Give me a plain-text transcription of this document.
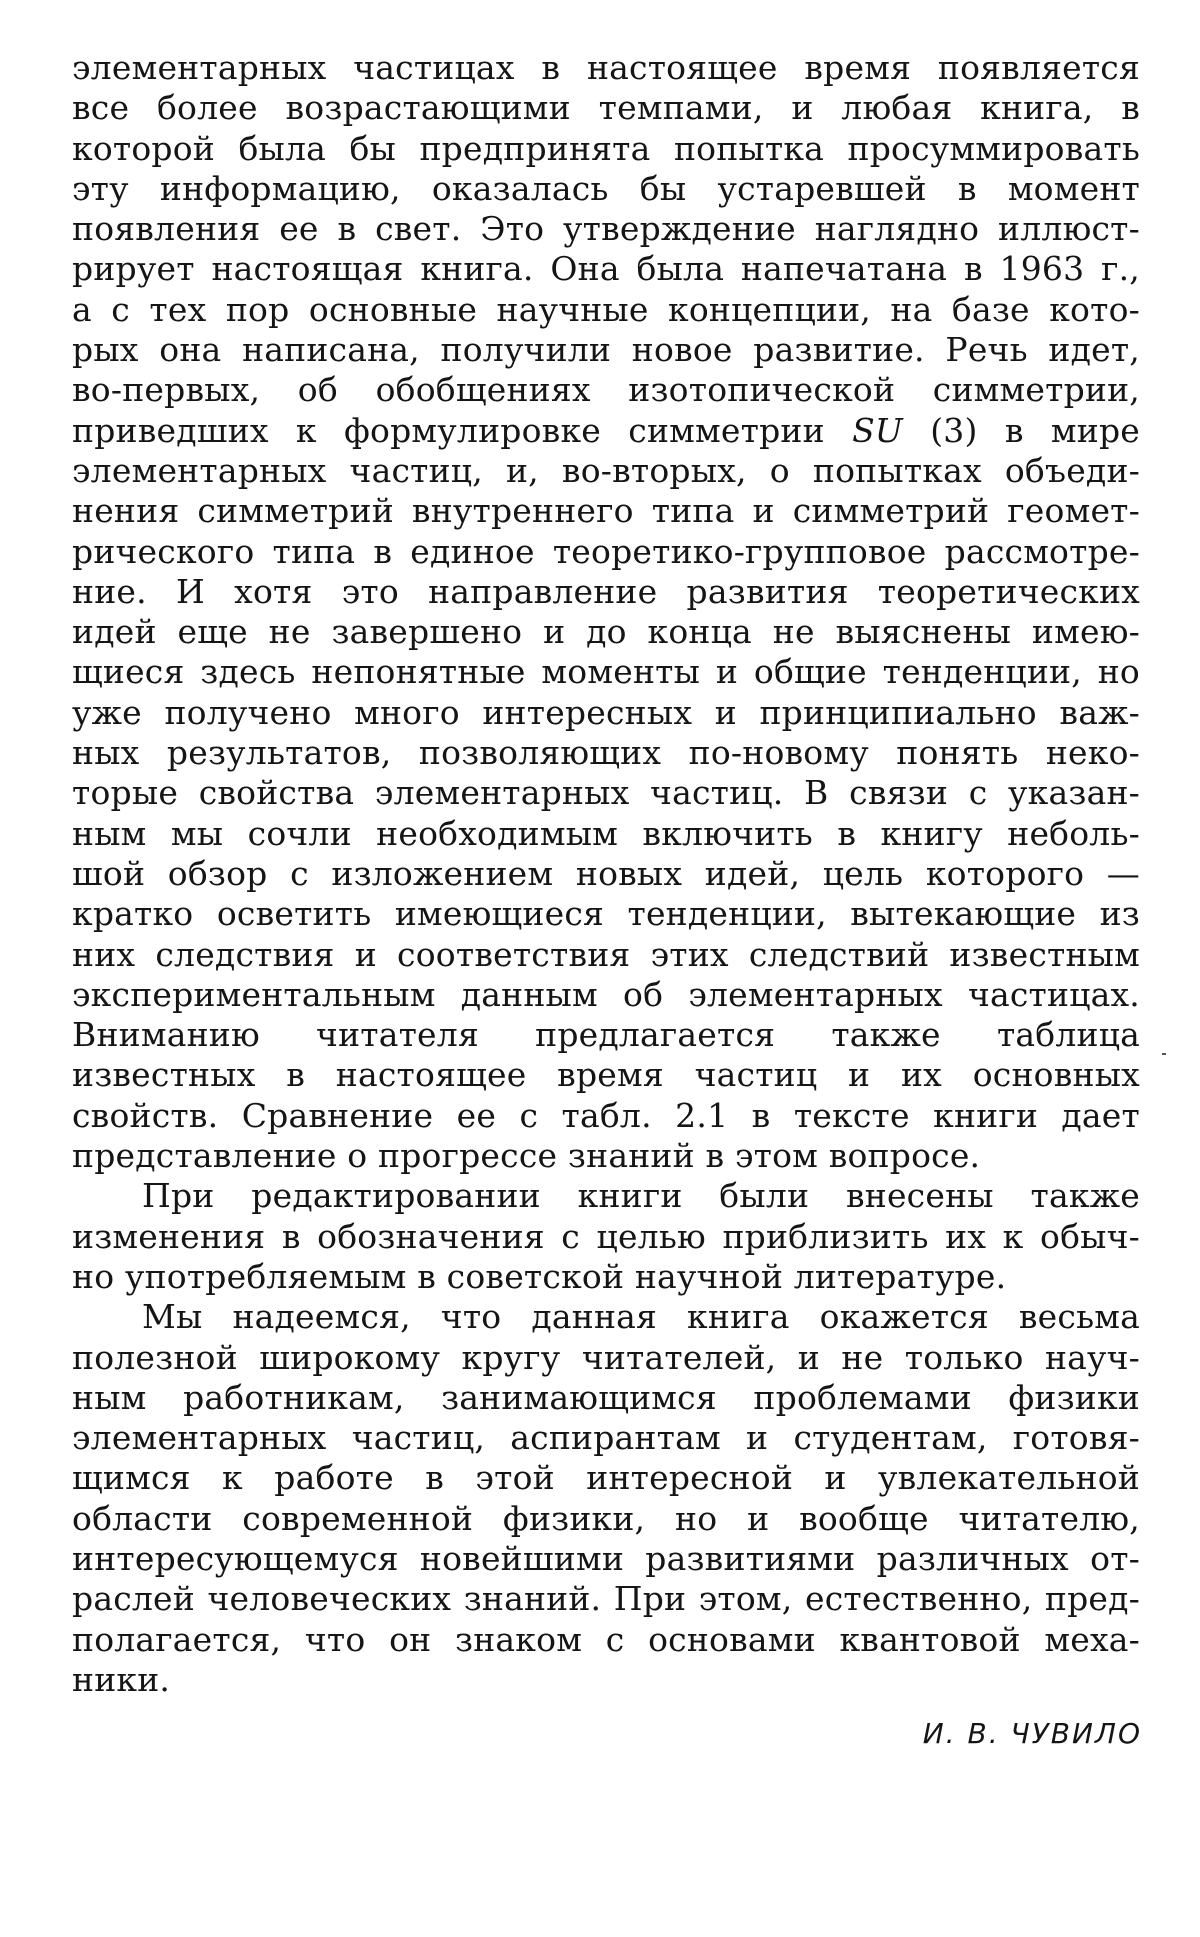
элементарных частицах в настоящее время появляется
все более возрастающими темпами, и любая книга, в
которой была бы предпринята попытка просуммировать
эту информацию, оказалась бы устаревшей в момент
появления ее в свет. Это утверждение наглядно иллюст-
рирует настоящая книга. Она была напечатана в 1963 г.,
а с тех пор основные научные концепции, на базе кото-
рых она написана, получили новое развитие. Речь идет,
во-первых, об обобщениях изотопической симметрии,
приведших к формулировке симметрии SU (3) в мире
элементарных частиц, и, во-вторых, о попытках объеди-
нения симметрий внутреннего типа и симметрий геомет-
рического типа в единое теоретико-групповое рассмотре-
ние. И хотя это направление развития теоретических
идей еще не завершено и до конца не выяснены имею-
щиеся здесь непонятные моменты и общие тенденции, но
уже получено много интересных и принципиально важ-
ных результатов, позволяющих по-новому понять неко-
торые свойства элементарных частиц. В связи с указан-
ным мы сочли необходимым включить в книгу неболь-
шой обзор с изложением новых идей, цель которого —
кратко осветить имеющиеся тенденции, вытекающие из
них следствия и соответствия этих следствий известным
экспериментальным данным об элементарных частицах.
Вниманию читателя предлагается также таблица
известных в настоящее время частиц и их основных
свойств. Сравнение ее с табл. 2.1 в тексте книги дает
представление о прогрессе знаний в этом вопросе.
При редактировании книги были внесены также
изменения в обозначения с целью приблизить их к обыч-
но употребляемым в советской научной литературе.
Мы надеемся, что данная книга окажется весьма
полезной широкому кругу читателей, и не только науч-
ным работникам, занимающимся проблемами физики
элементарных частиц, аспирантам и студентам, готовя-
щимся к работе в этой интересной и увлекательной
области современной физики, но и вообще читателю,
интересующемуся новейшими развитиями различных от-
раслей человеческих знаний. При этом, естественно, пред-
полагается, что он знаком с основами квантовой меха-
ники.
И. В. ЧУВИЛО
